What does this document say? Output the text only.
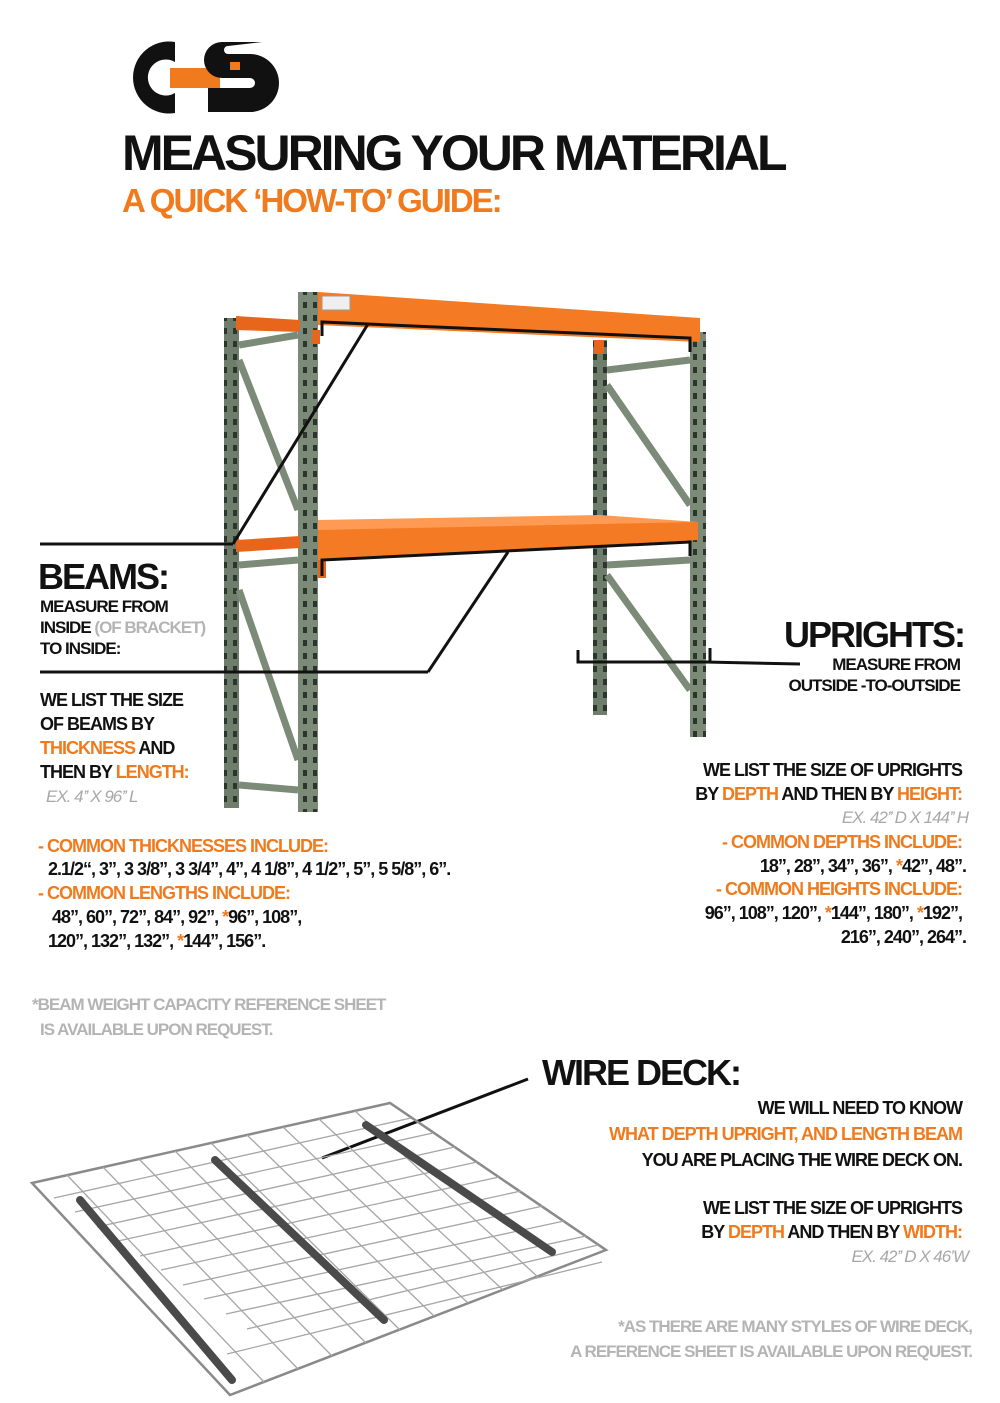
MEASURING YOUR MATERIAL
A QUICK ‘HOW-TO’ GUIDE:
BEAMS:
MEASURE FROM
INSIDE (OF BRACKET)
TO INSIDE:
WE LIST THE SIZE
OF BEAMS BY
THICKNESS AND
THEN BY LENGTH:
EX. 4’’ X 96’’ L
- COMMON THICKNESSES INCLUDE:
2.1/2“, 3”, 3 3/8”, 3 3/4”, 4”, 4 1/8”, 4 1/2”, 5”, 5 5/8”, 6”.
- COMMON LENGTHS INCLUDE:
48”, 60”, 72”, 84”, 92”, *96”, 108”,
120”, 132”, 132”, *144”, 156”.
UPRIGHTS:
MEASURE FROM
OUTSIDE -TO-OUTSIDE
WE LIST THE SIZE OF UPRIGHTS
BY DEPTH AND THEN BY HEIGHT:
EX. 42’’ D X 144’’ H
- COMMON DEPTHS INCLUDE:
18”, 28”, 34”, 36”, *42”, 48”.
- COMMON HEIGHTS INCLUDE:
96”, 108”, 120”, *144”, 180”, *192”,
216”, 240”, 264”.
*BEAM WEIGHT CAPACITY REFERENCE SHEET
IS AVAILABLE UPON REQUEST.
WIRE DECK:
WE WILL NEED TO KNOW
WHAT DEPTH UPRIGHT, AND LENGTH BEAM
YOU ARE PLACING THE WIRE DECK ON.
WE LIST THE SIZE OF UPRIGHTS
BY DEPTH AND THEN BY WIDTH:
EX. 42’’ D X 46’W
*AS THERE ARE MANY STYLES OF WIRE DECK,
A REFERENCE SHEET IS AVAILABLE UPON REQUEST.
